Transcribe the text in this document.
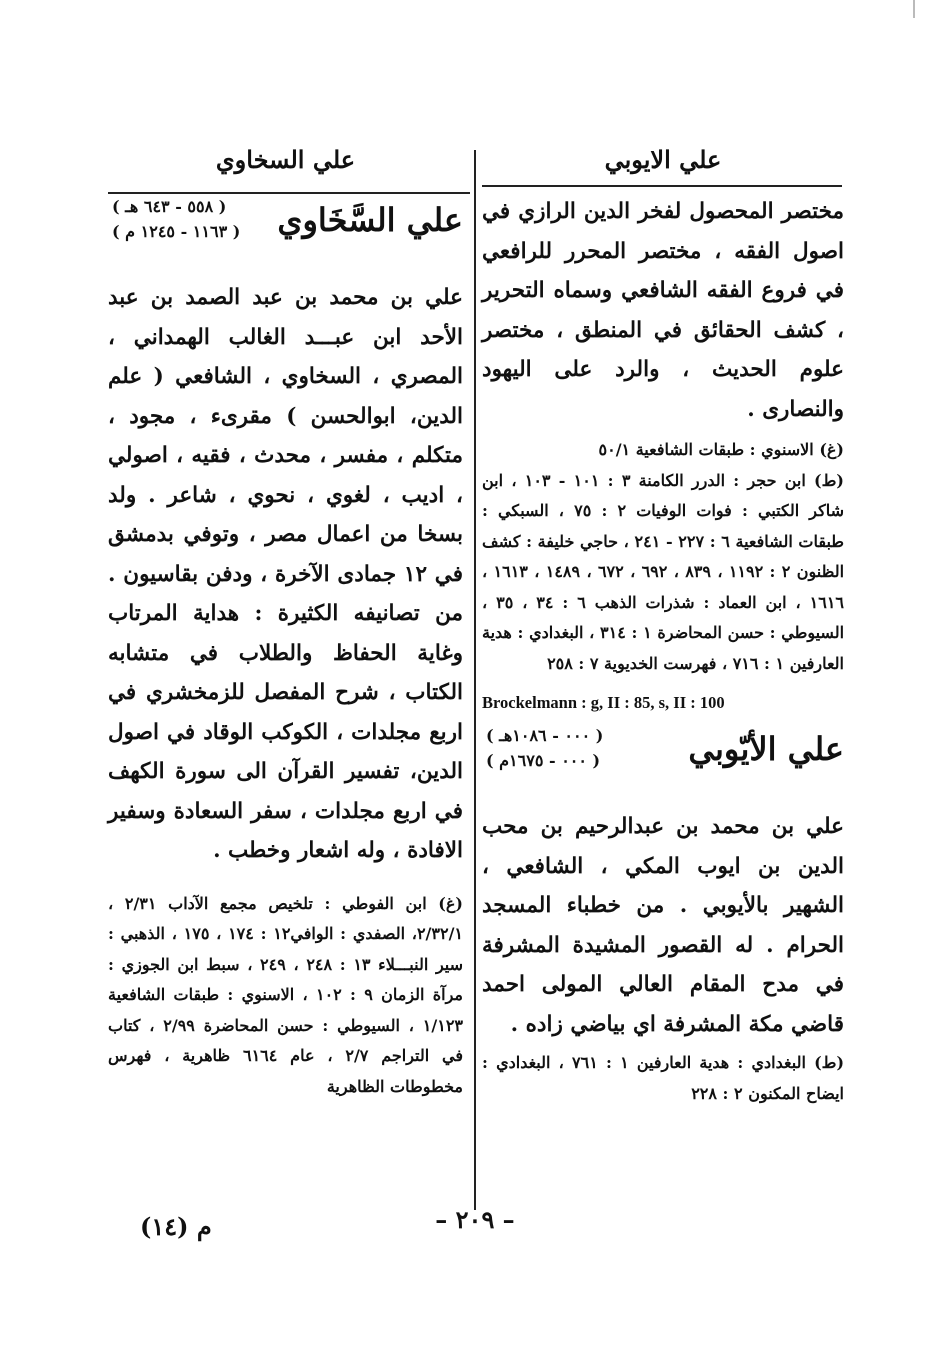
علي الايوبي
مختصر المحصول لفخر الدين الرازي في اصول الفقه ، مختصر المحرر للرافعي في فروع الفقه الشافعي وسماه التحرير ، كشف الحقائق في المنطق ، مختصر علوم الحديث ، والرد على اليهود والنصارى .
(غ) الاسنوي : طبقات الشافعية ٥٠/١
(ط) ابن حجر : الدرر الكامنة ٣ : ١٠١ - ١٠٣ ، ابن شاكر الكتبي : فوات الوفيات ٢ : ٧٥ ، السبكي : طبقات الشافعية ٦ : ٢٢٧ - ٢٤١ ، حاجي خليفة : كشف الظنون ٢ : ١١٩٢ ، ٨٣٩ ، ٦٩٢ ، ٦٧٢ ، ١٤٨٩ ، ١٦١٣ ، ١٦١٦ ، ابن العماد : شذرات الذهب ٦ : ٣٤ ، ٣٥ ، السيوطي : حسن المحاضرة ١ : ٣١٤ ، البغدادي : هدية العارفين ١ : ٧١٦ ، فهرست الخديوية ٧ : ٢٥٨
Brockelmann : g, II : 85, s, II : 100
علي الأيّوبي
( ٠٠٠ - ١٠٨٦هـ )
( ٠٠٠ - ١٦٧٥م )
علي بن محمد بن عبدالرحيم بن محب الدين بن ايوب المكي ، الشافعي ، الشهير بالأيوبي . من خطباء المسجد الحرام . له القصور المشيدة المشرفة في مدح المقام العالي المولى احمد قاضي مكة المشرفة اي بياضي زاده .
(ط) البغدادي : هدية العارفين ١ : ٧٦١ ، البغدادي : ايضاح المكنون ٢ : ٢٢٨
علي السخاوي
علي السَّخَاوي
( ٥٥٨ - ٦٤٣ هـ )
( ١١٦٣ - ١٢٤٥ م )
علي بن محمد بن عبد الصمد بن عبد الأحد ابن عبـــد الغالب الهمداني ، المصري ، السخاوي ، الشافعي ( علم الدين، ابوالحسن ) مقرىء ، مجود ، متكلم ، مفسر ، محدث ، فقيه ، اصولي ، اديب ، لغوي ، نحوي ، شاعر . ولد بسخا من اعمال مصر ، وتوفي بدمشق في ١٢ جمادى الآخرة ، ودفن بقاسيون . من تصانيفه الكثيرة : هداية المرتاب وغاية الحفاظ والطلاب في متشابه الكتاب ، شرح المفصل للزمخشري في اربع مجلدات ، الكوكب الوقاد في اصول الدين، تفسير القرآن الى سورة الكهف في اربع مجلدات ، سفر السعادة وسفير الافادة ، وله اشعار وخطب .
(غ) ابن الفوطي : تلخيص مجمع الآداب ٢/٣١ ، ٢/٣٢/١، الصفدي : الوافي١٢ : ١٧٤ ، ١٧٥ ، الذهبي : سير النبـــلاء ١٣ : ٢٤٨ ، ٢٤٩ ، سبط ابن الجوزي : مرآة الزمان ٩ : ١٠٢ ، الاسنوي : طبقات الشافعية ١/١٢٣ ، السيوطي : حسن المحاضرة ٢/٩٩ ، كتاب في التراجم ٢/٧ ، عام ٦١٦٤ ظاهرية ، فهرس مخطوطات الظاهرية
– ٢٠٩ –
م (١٤)
